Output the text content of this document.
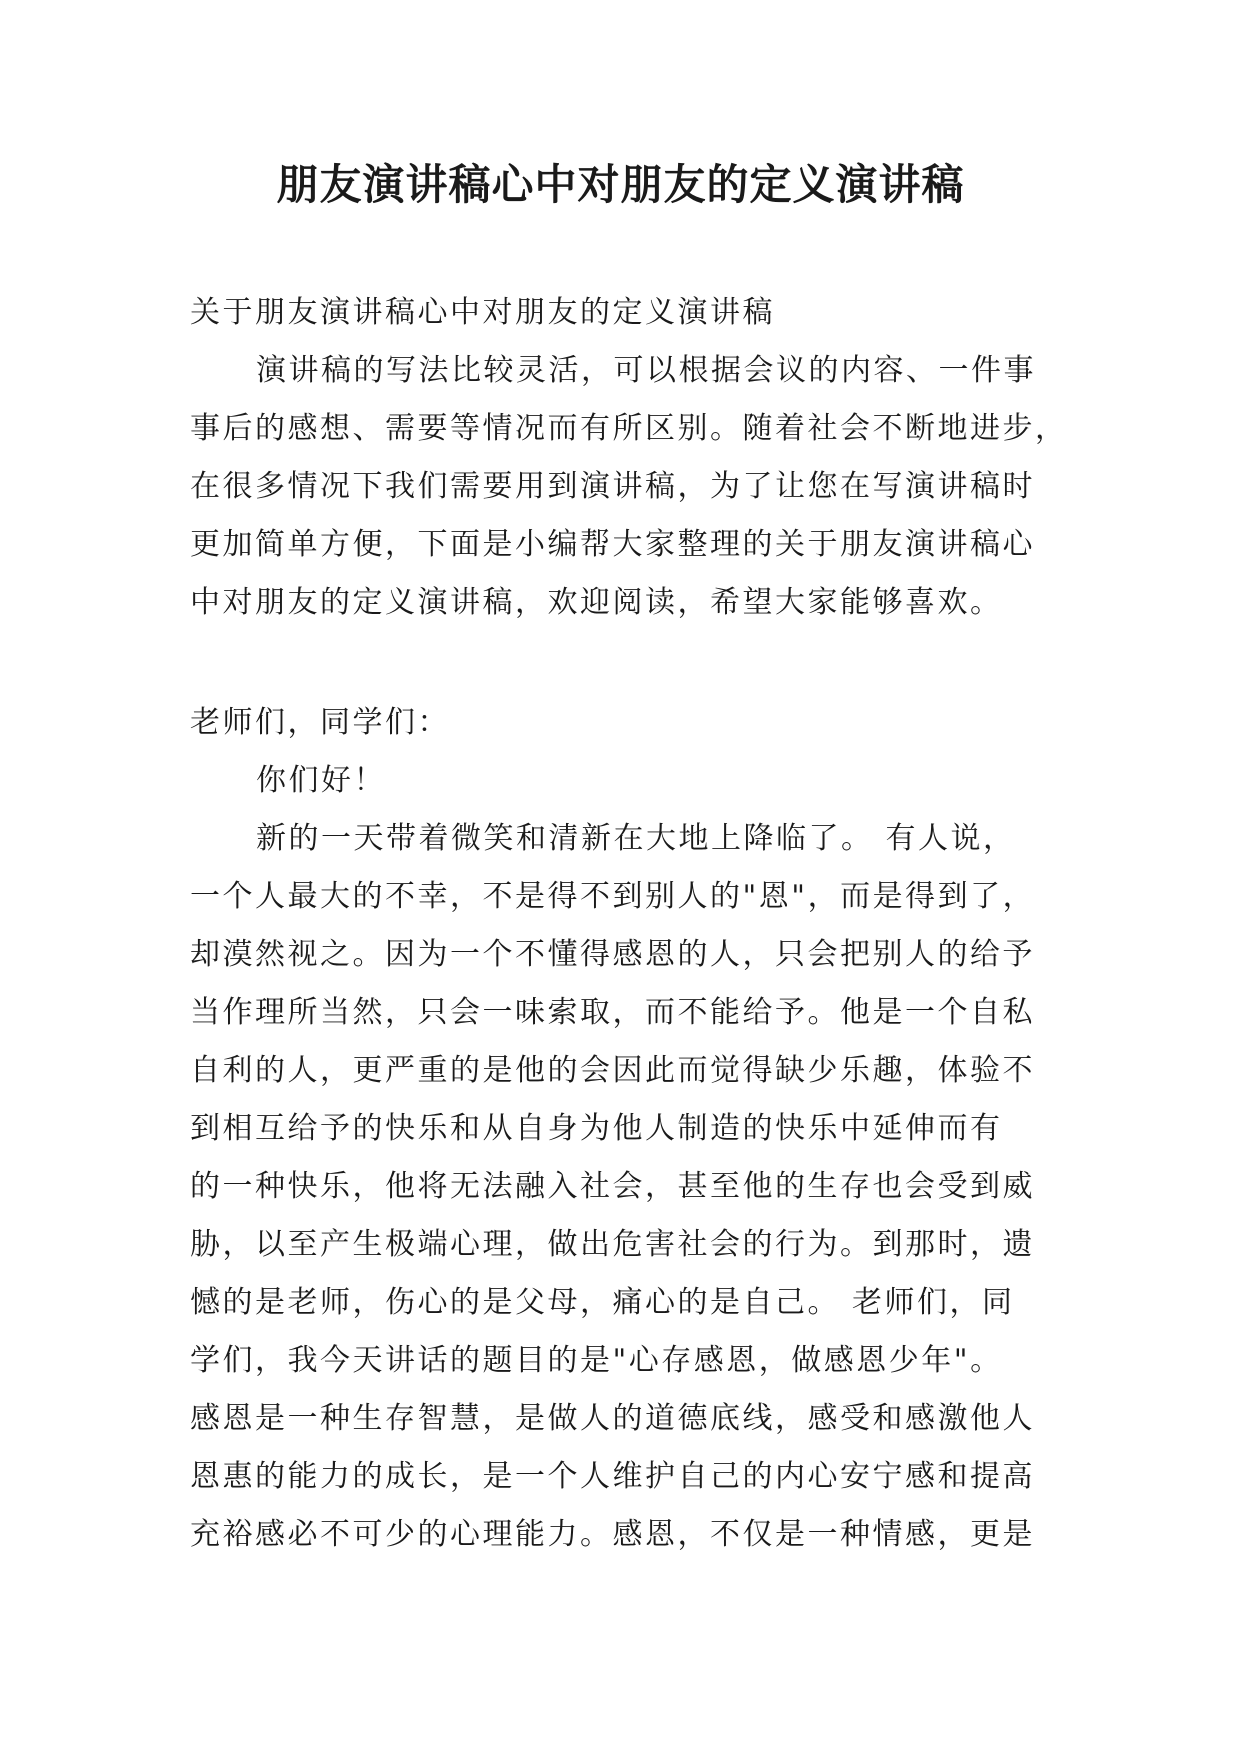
朋友演讲稿心中对朋友的定义演讲稿
关于朋友演讲稿心中对朋友的定义演讲稿
演讲稿的写法比较灵活，可以根据会议的内容、一件事
事后的感想、需要等情况而有所区别。随着社会不断地进步，
在很多情况下我们需要用到演讲稿，为了让您在写演讲稿时
更加简单方便，下面是小编帮大家整理的关于朋友演讲稿心
中对朋友的定义演讲稿，欢迎阅读，希望大家能够喜欢。
老师们，同学们：
你们好！
新的一天带着微笑和清新在大地上降临了。 有人说，
一个人最大的不幸，不是得不到别人的"恩"，而是得到了，
却漠然视之。因为一个不懂得感恩的人，只会把别人的给予
当作理所当然，只会一味索取，而不能给予。他是一个自私
自利的人，更严重的是他的会因此而觉得缺少乐趣，体验不
到相互给予的快乐和从自身为他人制造的快乐中延伸而有
的一种快乐，他将无法融入社会，甚至他的生存也会受到威
胁，以至产生极端心理，做出危害社会的行为。到那时，遗
憾的是老师，伤心的是父母，痛心的是自己。 老师们，同
学们，我今天讲话的题目的是"心存感恩，做感恩少年"。
感恩是一种生存智慧，是做人的道德底线，感受和感激他人
恩惠的能力的成长，是一个人维护自己的内心安宁感和提高
充裕感必不可少的心理能力。感恩，不仅是一种情感，更是
